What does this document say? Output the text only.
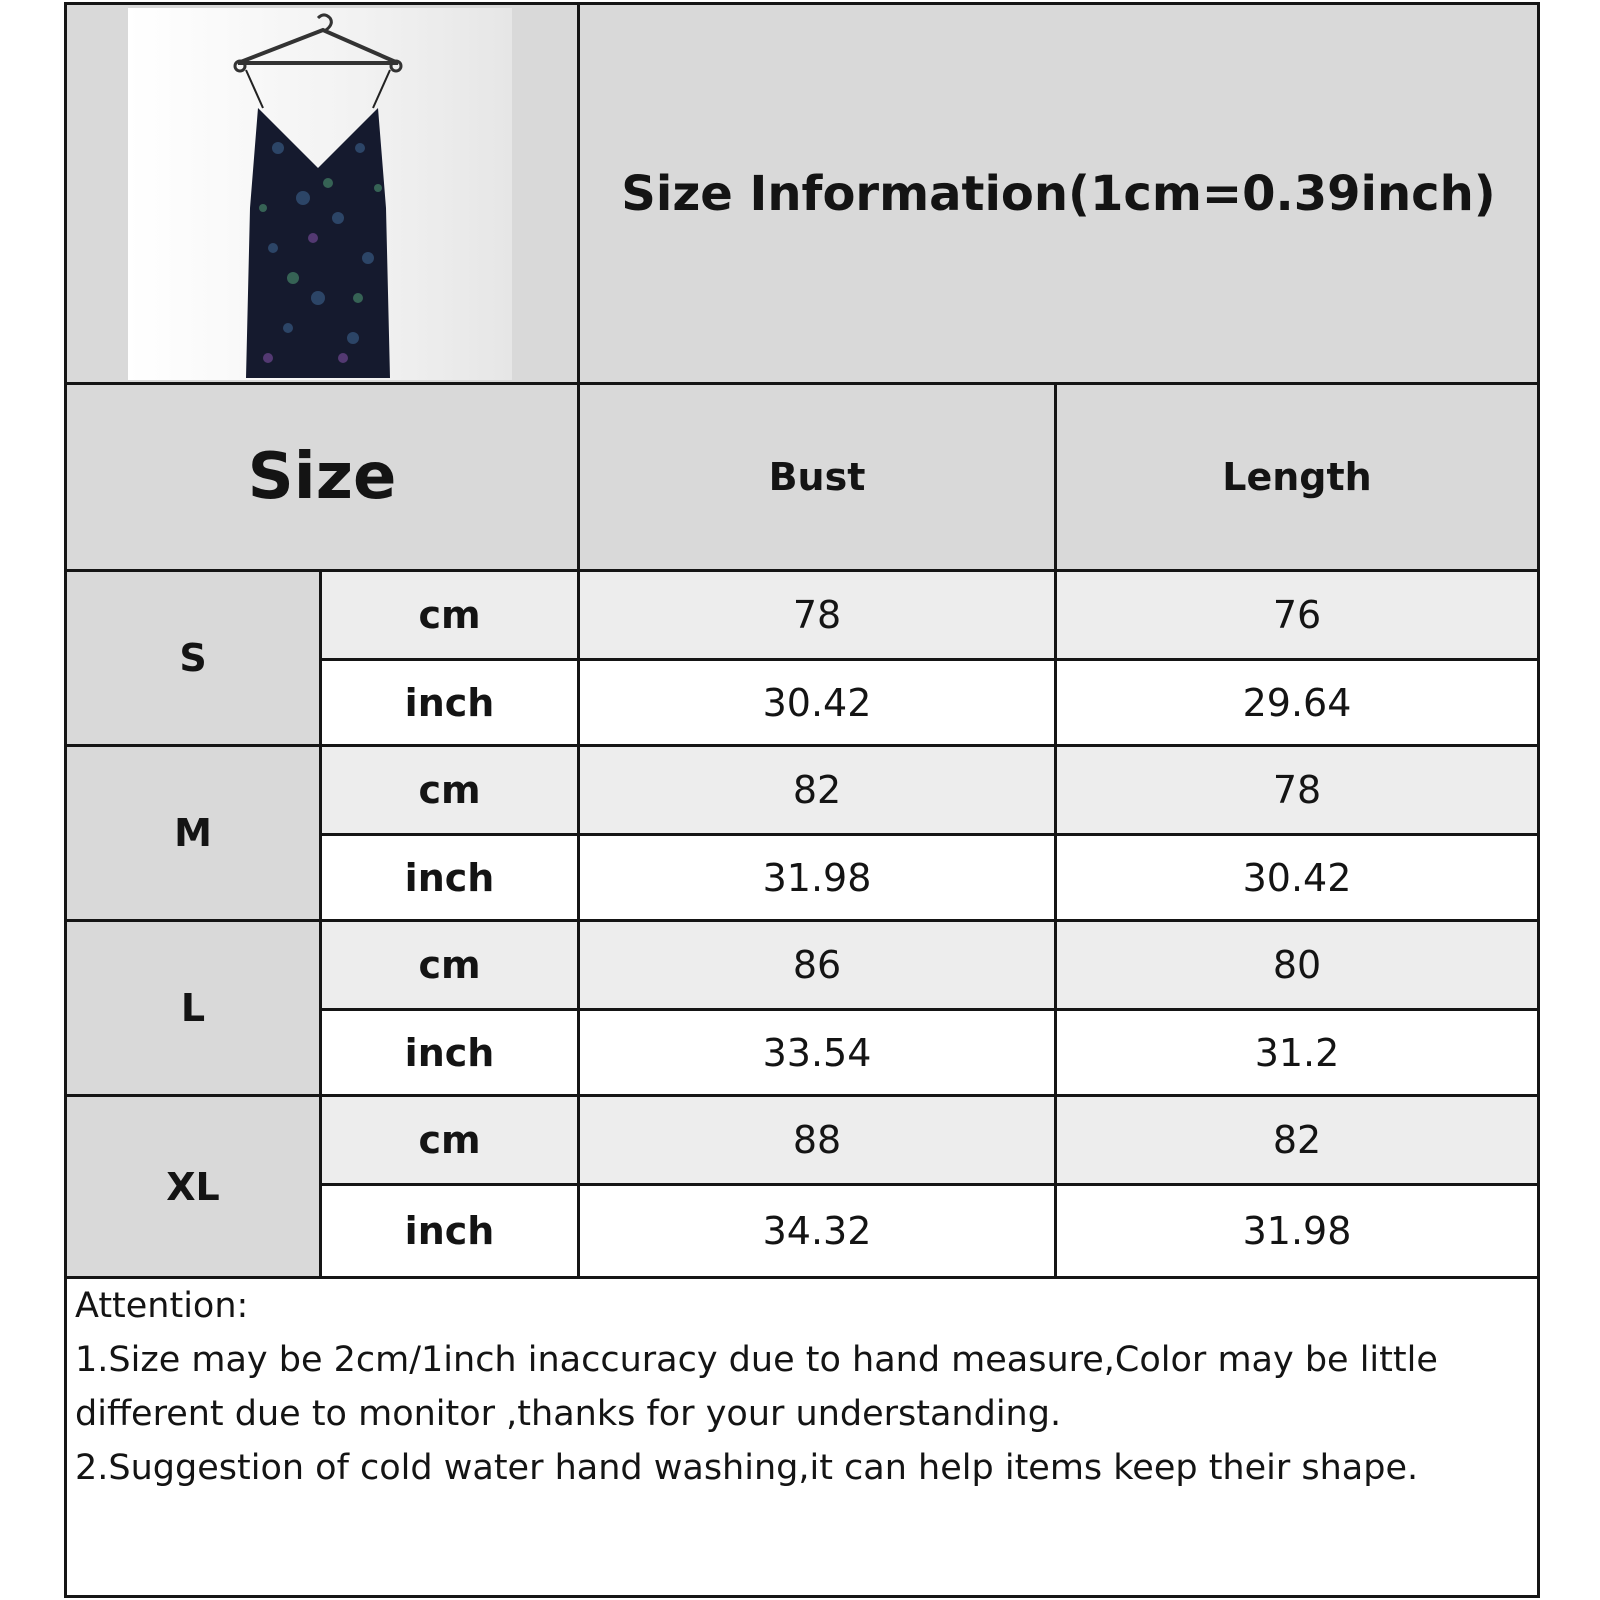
Size Information(1cm=0.39inch)
Size	Bust	Length
S
cm	78	76
inch	30.42	29.64
M
cm	82	78
inch	31.98	30.42
L
cm	86	80
inch	33.54	31.2
XL
cm	88	82
inch	34.32	31.98
Attention:
1.Size may be 2cm/1inch inaccuracy due to hand measure,Color may be little
different due to monitor ,thanks for your understanding.
2.Suggestion of cold water hand washing,it can help items keep their shape.
